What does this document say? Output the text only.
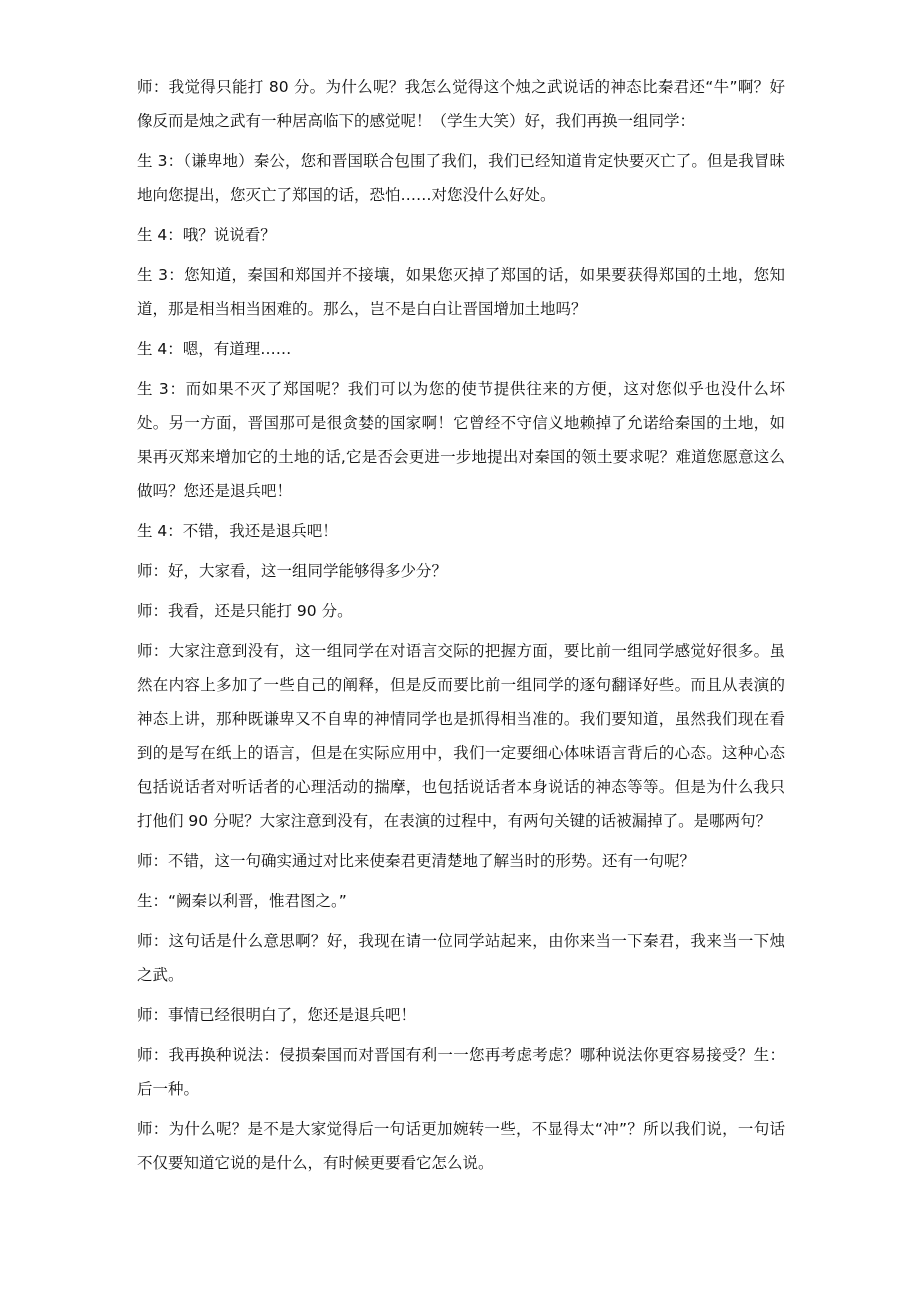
师：我觉得只能打 80 分。为什么呢？我怎么觉得这个烛之武说话的神态比秦君还“牛”啊？好像反而是烛之武有一种居高临下的感觉呢！（学生大笑）好，我们再换一组同学：

生 3：（谦卑地）秦公，您和晋国联合包围了我们，我们已经知道肯定快要灭亡了。但是我冒昧地向您提出，您灭亡了郑国的话，恐怕……对您没什么好处。

生 4：哦？说说看？

生 3：您知道，秦国和郑国并不接壤，如果您灭掉了郑国的话，如果要获得郑国的土地，您知道，那是相当相当困难的。那么，岂不是白白让晋国增加土地吗？

生 4：嗯，有道理……

生 3：而如果不灭了郑国呢？我们可以为您的使节提供往来的方便，这对您似乎也没什么坏处。另一方面，晋国那可是很贪婪的国家啊！它曾经不守信义地赖掉了允诺给秦国的土地，如果再灭郑来增加它的土地的话,它是否会更进一步地提出对秦国的领土要求呢？难道您愿意这么做吗？您还是退兵吧！

生 4：不错，我还是退兵吧！

师：好，大家看，这一组同学能够得多少分？

师：我看，还是只能打 90 分。

师：大家注意到没有，这一组同学在对语言交际的把握方面，要比前一组同学感觉好很多。虽然在内容上多加了一些自己的阐释，但是反而要比前一组同学的逐句翻译好些。而且从表演的神态上讲，那种既谦卑又不自卑的神情同学也是抓得相当准的。我们要知道，虽然我们现在看到的是写在纸上的语言，但是在实际应用中，我们一定要细心体味语言背后的心态。这种心态包括说话者对听话者的心理活动的揣摩，也包括说话者本身说话的神态等等。但是为什么我只打他们 90 分呢？大家注意到没有，在表演的过程中，有两句关键的话被漏掉了。是哪两句？

师：不错，这一句确实通过对比来使秦君更清楚地了解当时的形势。还有一句呢？

生：“阙秦以利晋，惟君图之。”

师：这句话是什么意思啊？好，我现在请一位同学站起来，由你来当一下秦君，我来当一下烛之武。

师：事情已经很明白了，您还是退兵吧！

师：我再换种说法：侵损秦国而对晋国有利一一您再考虑考虑？哪种说法你更容易接受？生：后一种。

师：为什么呢？是不是大家觉得后一句话更加婉转一些，不显得太“冲”？所以我们说，一句话不仅要知道它说的是什么，有时候更要看它怎么说。
